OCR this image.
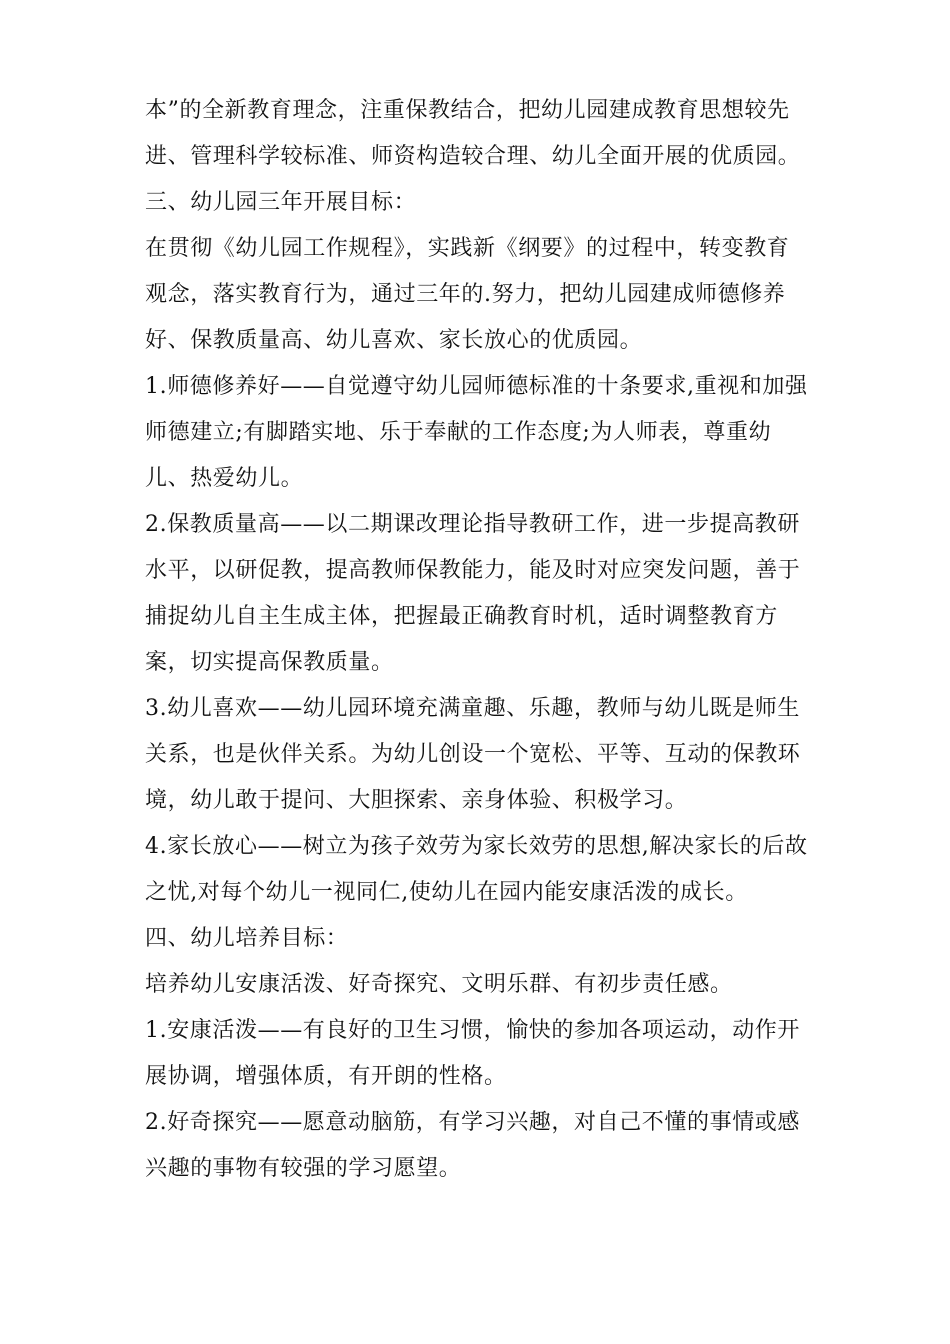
本”的全新教育理念，注重保教结合，把幼儿园建成教育思想较先
进、管理科学较标准、师资构造较合理、幼儿全面开展的优质园。
三、幼儿园三年开展目标：
在贯彻《幼儿园工作规程》，实践新《纲要》的过程中，转变教育
观念，落实教育行为，通过三年的.努力，把幼儿园建成师德修养
好、保教质量高、幼儿喜欢、家长放心的优质园。
1.师德修养好——自觉遵守幼儿园师德标准的十条要求,重视和加强
师德建立;有脚踏实地、乐于奉献的工作态度;为人师表，尊重幼
儿、热爱幼儿。
2.保教质量高——以二期课改理论指导教研工作，进一步提高教研
水平，以研促教，提高教师保教能力，能及时对应突发问题，善于
捕捉幼儿自主生成主体，把握最正确教育时机，适时调整教育方
案，切实提高保教质量。
3.幼儿喜欢——幼儿园环境充满童趣、乐趣，教师与幼儿既是师生
关系，也是伙伴关系。为幼儿创设一个宽松、平等、互动的保教环
境，幼儿敢于提问、大胆探索、亲身体验、积极学习。
4.家长放心——树立为孩子效劳为家长效劳的思想,解决家长的后故
之忧,对每个幼儿一视同仁,使幼儿在园内能安康活泼的成长。
四、幼儿培养目标：
培养幼儿安康活泼、好奇探究、文明乐群、有初步责任感。
1.安康活泼——有良好的卫生习惯，愉快的参加各项运动，动作开
展协调，增强体质，有开朗的性格。
2.好奇探究——愿意动脑筋，有学习兴趣，对自己不懂的事情或感
兴趣的事物有较强的学习愿望。
